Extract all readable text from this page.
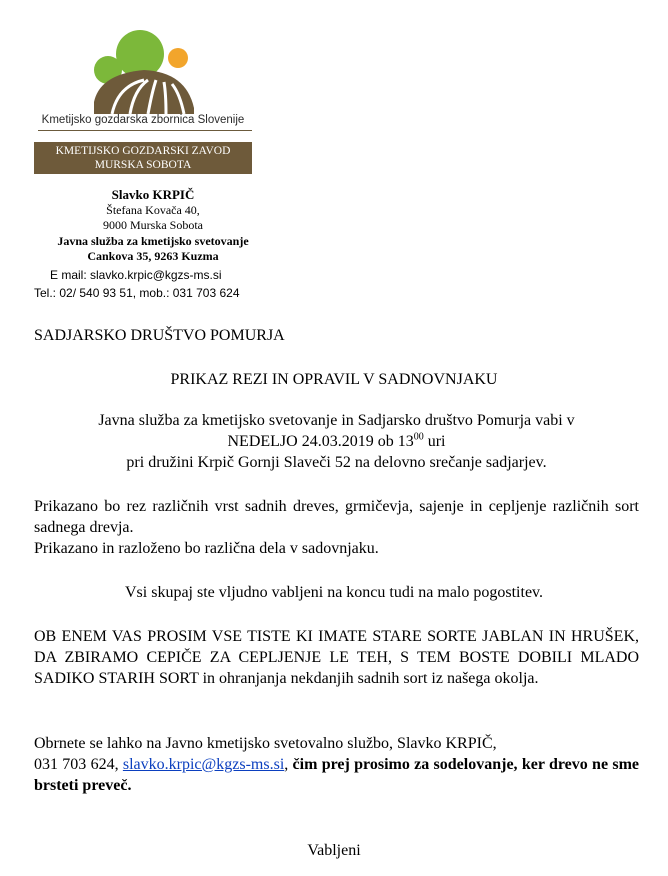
Kmetijsko gozdarska zbornica Slovenije
KMETIJSKO GOZDARSKI ZAVOD
MURSKA SOBOTA
Slavko KRPIČ
Štefana Kovača 40,
9000 Murska Sobota
Javna služba za kmetijsko svetovanje
Cankova 35, 9263 Kuzma
E mail: slavko.krpic@kgzs-ms.si
Tel.: 02/ 540 93 51, mob.: 031 703 624
SADJARSKO DRUŠTVO POMURJA
PRIKAZ REZI IN OPRAVIL V SADNOVNJAKU
Javna služba za kmetijsko svetovanje in Sadjarsko društvo Pomurja vabi v
NEDELJO 24.03.2019 ob $13^{00}$ uri
pri družini Krpič Gornji Slaveči 52 na delovno srečanje sadjarjev.
Prikazano bo rez različnih vrst sadnih dreves, grmičevja, sajenje in cepljenje različnih sort sadnega drevja.
Prikazano in razloženo bo različna dela v sadovnjaku.
Vsi skupaj ste vljudno vabljeni na koncu tudi na malo pogostitev.
OB ENEM VAS PROSIM VSE TISTE KI IMATE STARE SORTE JABLAN IN HRUŠEK, DA ZBIRAMO CEPIČE ZA CEPLJENJE LE TEH, S TEM BOSTE DOBILI MLADO SADIKO STARIH SORT in ohranjanja nekdanjih sadnih sort iz našega okolja.
Obrnete se lahko na Javno kmetijsko svetovalno službo, Slavko KRPIČ,
031 703 624, slavko.krpic@kgzs-ms.si, čim prej prosimo za sodelovanje, ker drevo ne sme brsteti preveč.
Vabljeni
